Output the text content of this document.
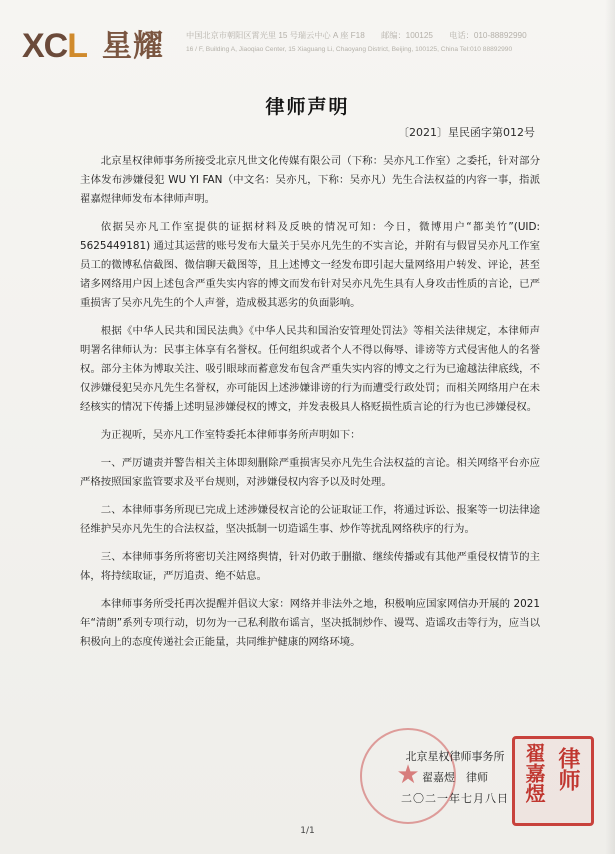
XCL 星耀	中国北京市朝阳区霄光里 15 号瑞云中心 A 座 F18 邮编：100125 电话：010-88892990
16 / F, Building A, Jiaoqiao Center, 15 Xiaguang Li, Chaoyang District, Beijing, 100125, China Tel:010 88892990
律师声明
〔2021〕星民函字第012号

北京星权律师事务所接受北京凡世文化传媒有限公司（下称：吴亦凡工作室）之委托，针对部分主体发布涉嫌侵犯 WU YI FAN（中文名：吴亦凡，下称：吴亦凡）先生合法权益的内容一事，指派翟嘉煜律师发布本律师声明。

依据吴亦凡工作室提供的证据材料及反映的情况可知：今日，微博用户“都美竹”(UID: 5625449181) 通过其运营的账号发布大量关于吴亦凡先生的不实言论，并附有与假冒吴亦凡工作室员工的微博私信截图、微信聊天截图等，且上述博文一经发布即引起大量网络用户转发、评论，甚至诸多网络用户因上述包含严重失实内容的博文而发布针对吴亦凡先生具有人身攻击性质的言论，已严重损害了吴亦凡先生的个人声誉，造成极其恶劣的负面影响。

根据《中华人民共和国民法典》《中华人民共和国治安管理处罚法》等相关法律规定，本律师声明署名律师认为：民事主体享有名誉权。任何组织或者个人不得以侮辱、诽谤等方式侵害他人的名誉权。部分主体为博取关注、吸引眼球而蓄意发布包含严重失实内容的博文之行为已逾越法律底线，不仅涉嫌侵犯吴亦凡先生名誉权，亦可能因上述涉嫌诽谤的行为而遭受行政处罚；而相关网络用户在未经核实的情况下传播上述明显涉嫌侵权的博文，并发表极具人格贬损性质言论的行为也已涉嫌侵权。

为正视听，吴亦凡工作室特委托本律师事务所声明如下：

一、严厉谴责并警告相关主体即刻删除严重损害吴亦凡先生合法权益的言论。相关网络平台亦应严格按照国家监管要求及平台规则，对涉嫌侵权内容予以及时处理。

二、本律师事务所现已完成上述涉嫌侵权言论的公证取证工作，将通过诉讼、报案等一切法律途径维护吴亦凡先生的合法权益，坚决抵制一切造谣生事、炒作等扰乱网络秩序的行为。

三、本律师事务所将密切关注网络舆情，针对仍敢于删撤、继续传播或有其他严重侵权情节的主体，将持续取证，严厉追责、绝不姑息。

本律师事务所受托再次提醒并倡议大家：网络并非法外之地，积极响应国家网信办开展的 2021 年“清朗”系列专项行动，切勿为一己私利散布谣言，坚决抵制炒作、谩骂、造谣攻击等行为，应当以积极向上的态度传递社会正能量，共同维护健康的网络环境。

★
北京星权律师事务所
翟嘉煜　律师
二〇二一年七月八日
律师
翟嘉煜
1/1
